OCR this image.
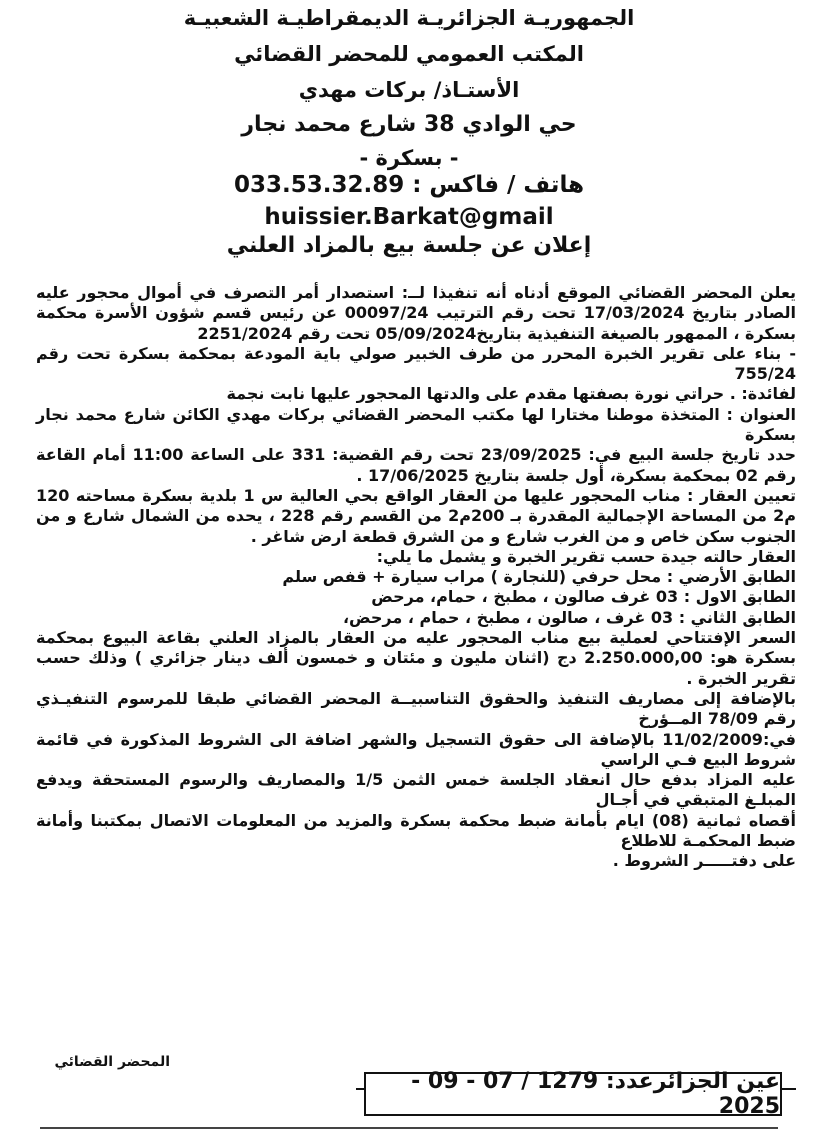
الجمهوريـة الجزائريـة الديمقراطيـة الشعبيـة
المكتب العمومي للمحضر القضائي
الأستـاذ/ بركات مهدي
حي الوادي 38 شارع محمد نجار
- بسكرة -
هاتف / فاكس : 033.53.32.89
huissier.Barkat@gmail
إعلان عن جلسة بيع بالمزاد العلني

يعلن المحضر القضائي الموقع أدناه أنه تنفيذا لــ: استصدار أمر التصرف في أموال محجور عليه الصادر بتاريخ 17/03/2024 تحت رقم الترتيب 00097/24 عن رئيس قسم شؤون الأسرة محكمة بسكرة ، الممهور بالصيغة التنفيذية بتاريخ05/09/2024 تحت رقم 2251/2024

- بناء على تقرير الخبرة المحرر من طرف الخبير صولي باية المودعة بمحكمة بسكرة تحت رقم 755/24

لفائدة: . حراتي نورة بصفتها مقدم على والدتها المحجور عليها نابت نجمة

العنوان : المتخذة موطنا مختارا لها مكتب المحضر القضائي بركات مهدي الكائن شارع محمد نجار بسكرة

حدد تاريخ جلسة البيع في: 23/09/2025 تحت رقم القضية: 331 على الساعة 11:00 أمام القاعة رقم 02 بمحكمة بسكرة، أول جلسة بتاريخ 17/06/2025 .

تعيين العقار : مناب المحجور عليها من العقار الواقع بحي العالية س 1 بلدية بسكرة مساحته 120 م2 من المساحة الإجمالية المقدرة بـ 200م2 من القسم رقم 228 ، يحده من الشمال شارع و من الجنوب سكن خاص و من الغرب شارع و من الشرق قطعة ارض شاغر .

العقار حالته جيدة حسب تقرير الخبرة و يشمل ما يلي:

الطابق الأرضي : محل حرفي (للنجارة ) مراب سيارة + قفص سلم

الطابق الاول : 03 غرف صالون ، مطبخ ، حمام، مرحض

الطابق الثاني : 03 غرف ، صالون ، مطبخ ، حمام ، مرحض،

السعر الإفتتاحي لعملية بيع مناب المحجور عليه من العقار بالمزاد العلني بقاعة البيوع بمحكمة بسكرة هو: 2.250.000,00 دج (اثنان مليون و مئتان و خمسون ألف دينار جزائري ) وذلك حسب تقرير الخبرة .

بالإضافة إلى مصاريف التنفيذ والحقوق التناسبيــة المحضر القضائي طبقا للمرسوم التنفيـذي رقم 78/09 المــؤرخ

في:11/02/2009 بالإضافة الى حقوق التسجيل والشهر اضافة الى الشروط المذكورة في قائمة شروط البيع فـي الراسي

عليه المزاد بدفع حال انعقاد الجلسة خمس الثمن 1/5 والمصاريف والرسوم المستحقة ويدفع المبلـغ المتبقي في أجـال

أقصاه ثمانية (08) ايام بأمانة ضبط محكمة بسكرة والمزيد من المعلومات الاتصال بمكتبنا وأمانة ضبط المحكمـة للاطلاع

على دفتـــــر الشروط .

المحضر القضائي
عين الجزائرعدد: 1279 / 07 - 09 - 2025
